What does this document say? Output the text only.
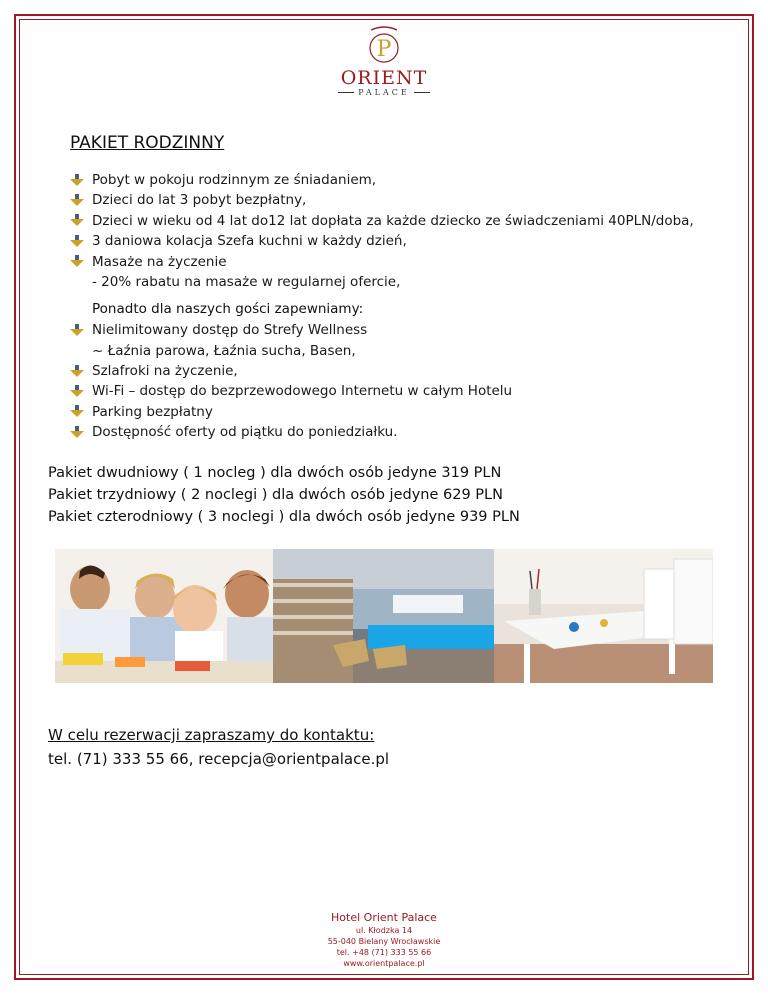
P
ORIENT
PALACE
PAKIET RODZINNY
Pobyt w pokoju rodzinnym ze śniadaniem,
Dzieci do lat 3 pobyt bezpłatny,
Dzieci w wieku od 4 lat do12 lat dopłata za każde dziecko ze świadczeniami 40PLN/doba,
3 daniowa kolacja Szefa kuchni w każdy dzień,
Masaże na życzenie
- 20% rabatu na masaże w regularnej ofercie,
Ponadto dla naszych gości zapewniamy:
Nielimitowany dostęp do Strefy Wellness
~ Łaźnia parowa, Łaźnia sucha, Basen,
Szlafroki na życzenie,
Wi-Fi – dostęp do bezprzewodowego Internetu w całym Hotelu
Parking bezpłatny
Dostępność oferty od piątku do poniedziałku.
Pakiet dwudniowy ( 1 nocleg ) dla dwóch osób jedyne 319 PLN
Pakiet trzydniowy ( 2 noclegi ) dla dwóch osób jedyne 629 PLN
Pakiet czterodniowy ( 3 noclegi ) dla dwóch osób jedyne 939 PLN
W celu rezerwacji zapraszamy do kontaktu:
tel. (71) 333 55 66, recepcja@orientpalace.pl
Hotel Orient Palace
ul. Kłodzka 14
55-040 Bielany Wrocławskie
tel. +48 (71) 333 55 66
www.orientpalace.pl
